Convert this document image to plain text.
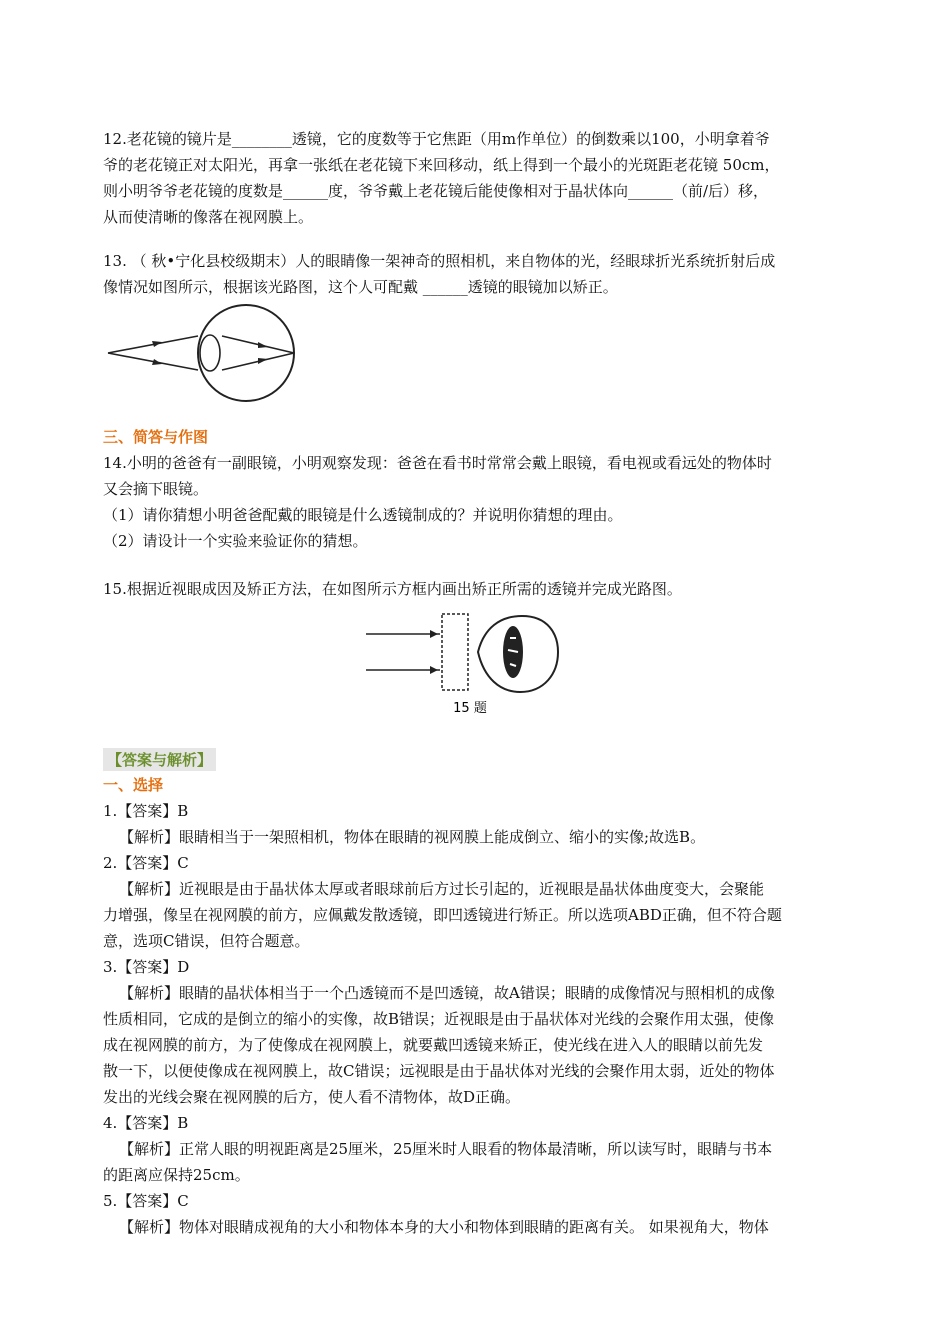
12.老花镜的镜片是________透镜，它的度数等于它焦距（用m作单位）的倒数乘以100，小明拿着爷
爷的老花镜正对太阳光，再拿一张纸在老花镜下来回移动，纸上得到一个最小的光斑距老花镜 50cm，
则小明爷爷老花镜的度数是______度，爷爷戴上老花镜后能使像相对于晶状体向______（前/后）移，
从而使清晰的像落在视网膜上。
13. （ 秋•宁化县校级期末）人的眼睛像一架神奇的照相机，来自物体的光，经眼球折光系统折射后成
像情况如图所示，根据该光路图，这个人可配戴 ______透镜的眼镜加以矫正。
三、简答与作图
14.小明的爸爸有一副眼镜，小明观察发现：爸爸在看书时常常会戴上眼镜，看电视或看远处的物体时
又会摘下眼镜。
（1）请你猜想小明爸爸配戴的眼镜是什么透镜制成的？并说明你猜想的理由。
（2）请设计一个实验来验证你的猜想。
15.根据近视眼成因及矫正方法，在如图所示方框内画出矫正所需的透镜并完成光路图。
15 题
【答案与解析】
一、选择
1.【答案】B
【解析】眼睛相当于一架照相机，物体在眼睛的视网膜上能成倒立、缩小的实像;故选B。
2.【答案】C
【解析】近视眼是由于晶状体太厚或者眼球前后方过长引起的，近视眼是晶状体曲度变大，会聚能
力增强，像呈在视网膜的前方，应佩戴发散透镜，即凹透镜进行矫正。所以选项ABD正确，但不符合题
意，选项C错误，但符合题意。
3.【答案】D
【解析】眼睛的晶状体相当于一个凸透镜而不是凹透镜，故A错误；眼睛的成像情况与照相机的成像
性质相同，它成的是倒立的缩小的实像，故B错误；近视眼是由于晶状体对光线的会聚作用太强，使像
成在视网膜的前方，为了使像成在视网膜上，就要戴凹透镜来矫正，使光线在进入人的眼睛以前先发
散一下，以便使像成在视网膜上，故C错误；远视眼是由于晶状体对光线的会聚作用太弱，近处的物体
发出的光线会聚在视网膜的后方，使人看不清物体，故D正确。
4.【答案】B
【解析】正常人眼的明视距离是25厘米，25厘米时人眼看的物体最清晰，所以读写时，眼睛与书本
的距离应保持25cm。
5.【答案】C
【解析】物体对眼睛成视角的大小和物体本身的大小和物体到眼睛的距离有关。 如果视角大，物体
